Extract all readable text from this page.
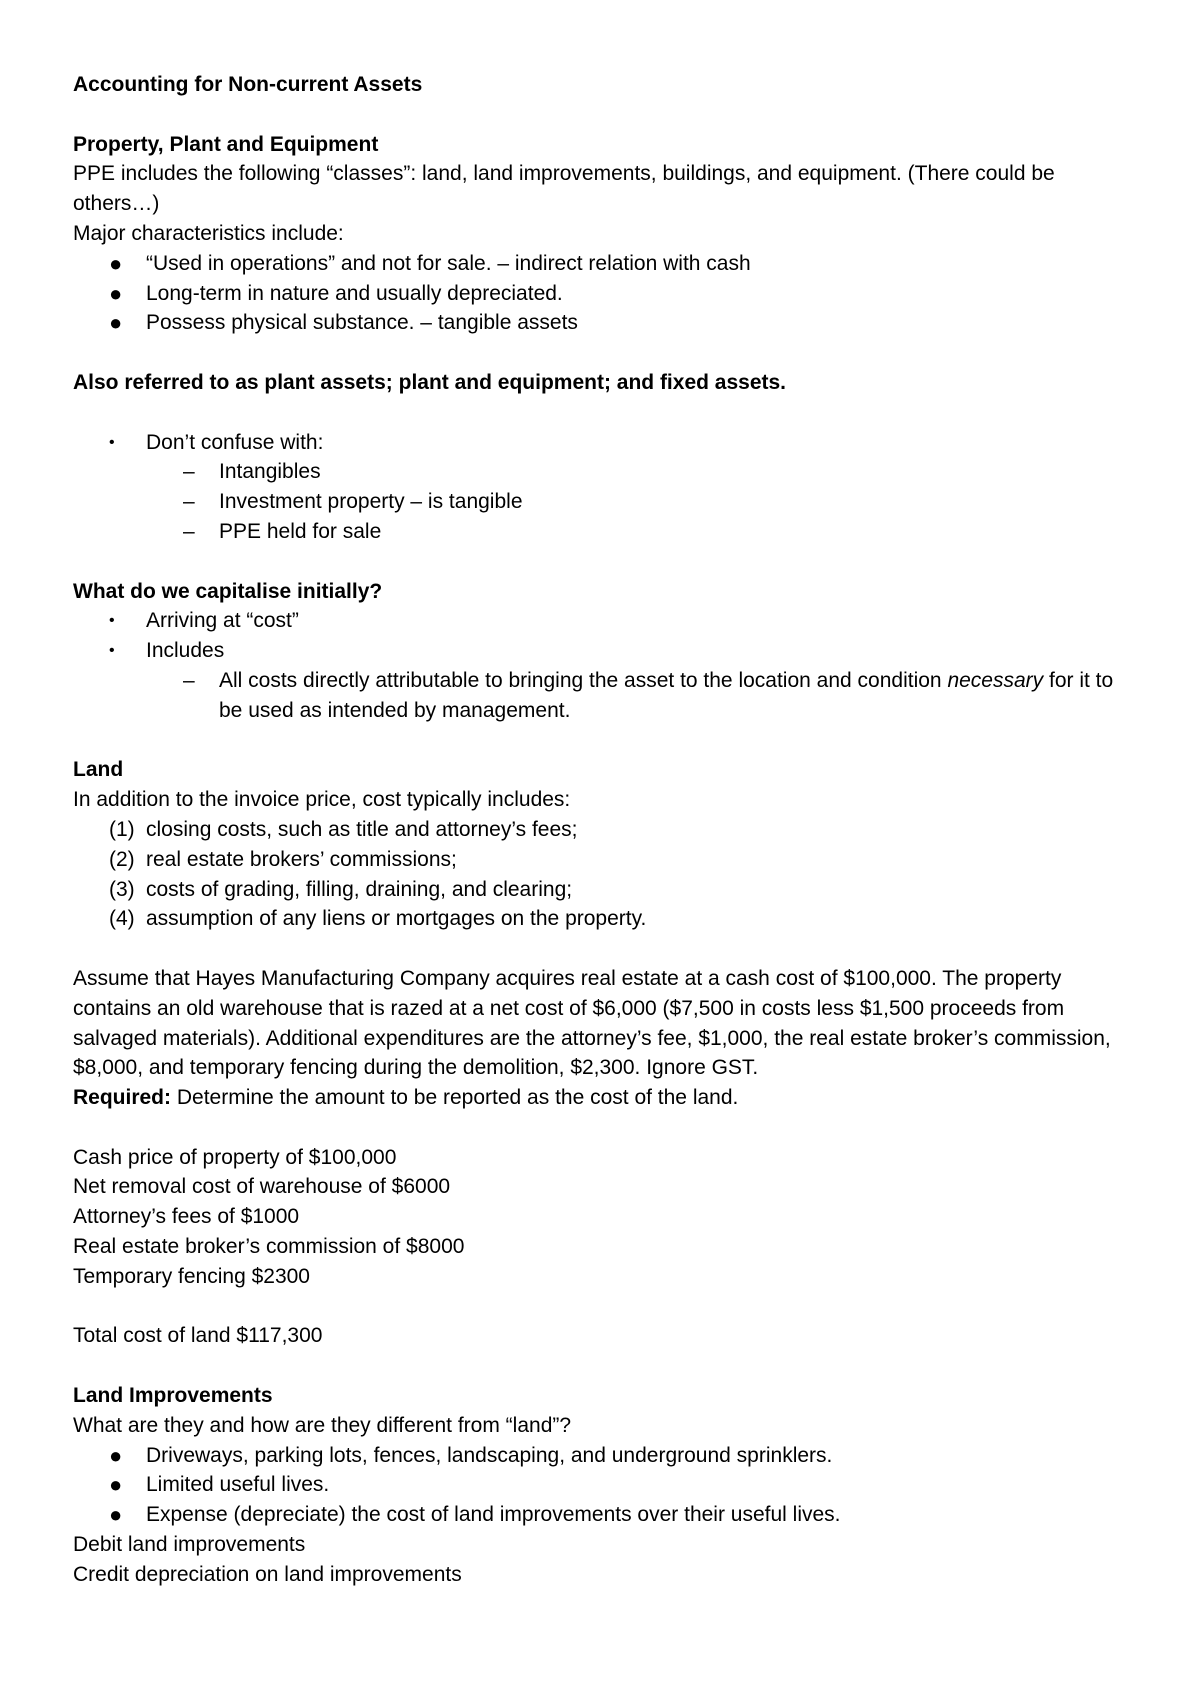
Accounting for Non-current Assets

Property, Plant and Equipment

PPE includes the following “classes”: land, land improvements, buildings, and equipment. (There could be others…)

Major characteristics include:

●	“Used in operations” and not for sale. – indirect relation with cash
●	Long-term in nature and usually depreciated.
●	Possess physical substance. – tangible assets

Also referred to as plant assets; plant and equipment; and fixed assets.

•	Don’t confuse with:
– Intangibles
– Investment property – is tangible
– PPE held for sale

What do we capitalise initially?

•	Arriving at “cost”
•	Includes
– All costs directly attributable to bringing the asset to the location and condition necessary for it to be used as intended by management.

Land

In addition to the invoice price, cost typically includes:

(1) closing costs, such as title and attorney’s fees;
(2) real estate brokers’ commissions;
(3) costs of grading, filling, draining, and clearing;
(4) assumption of any liens or mortgages on the property.

Assume that Hayes Manufacturing Company acquires real estate at a cash cost of $100,000. The property contains an old warehouse that is razed at a net cost of $6,000 ($7,500 in costs less $1,500 proceeds from salvaged materials). Additional expenditures are the attorney’s fee, $1,000, the real estate broker’s commission, $8,000, and temporary fencing during the demolition, $2,300. Ignore GST.

Required: Determine the amount to be reported as the cost of the land.

Cash price of property of $100,000

Net removal cost of warehouse of $6000

Attorney’s fees of $1000

Real estate broker’s commission of $8000

Temporary fencing $2300

Total cost of land $117,300

Land Improvements

What are they and how are they different from “land”?

●	Driveways, parking lots, fences, landscaping, and underground sprinklers.
●	Limited useful lives.
●	Expense (depreciate) the cost of land improvements over their useful lives.

Debit land improvements

Credit depreciation on land improvements
